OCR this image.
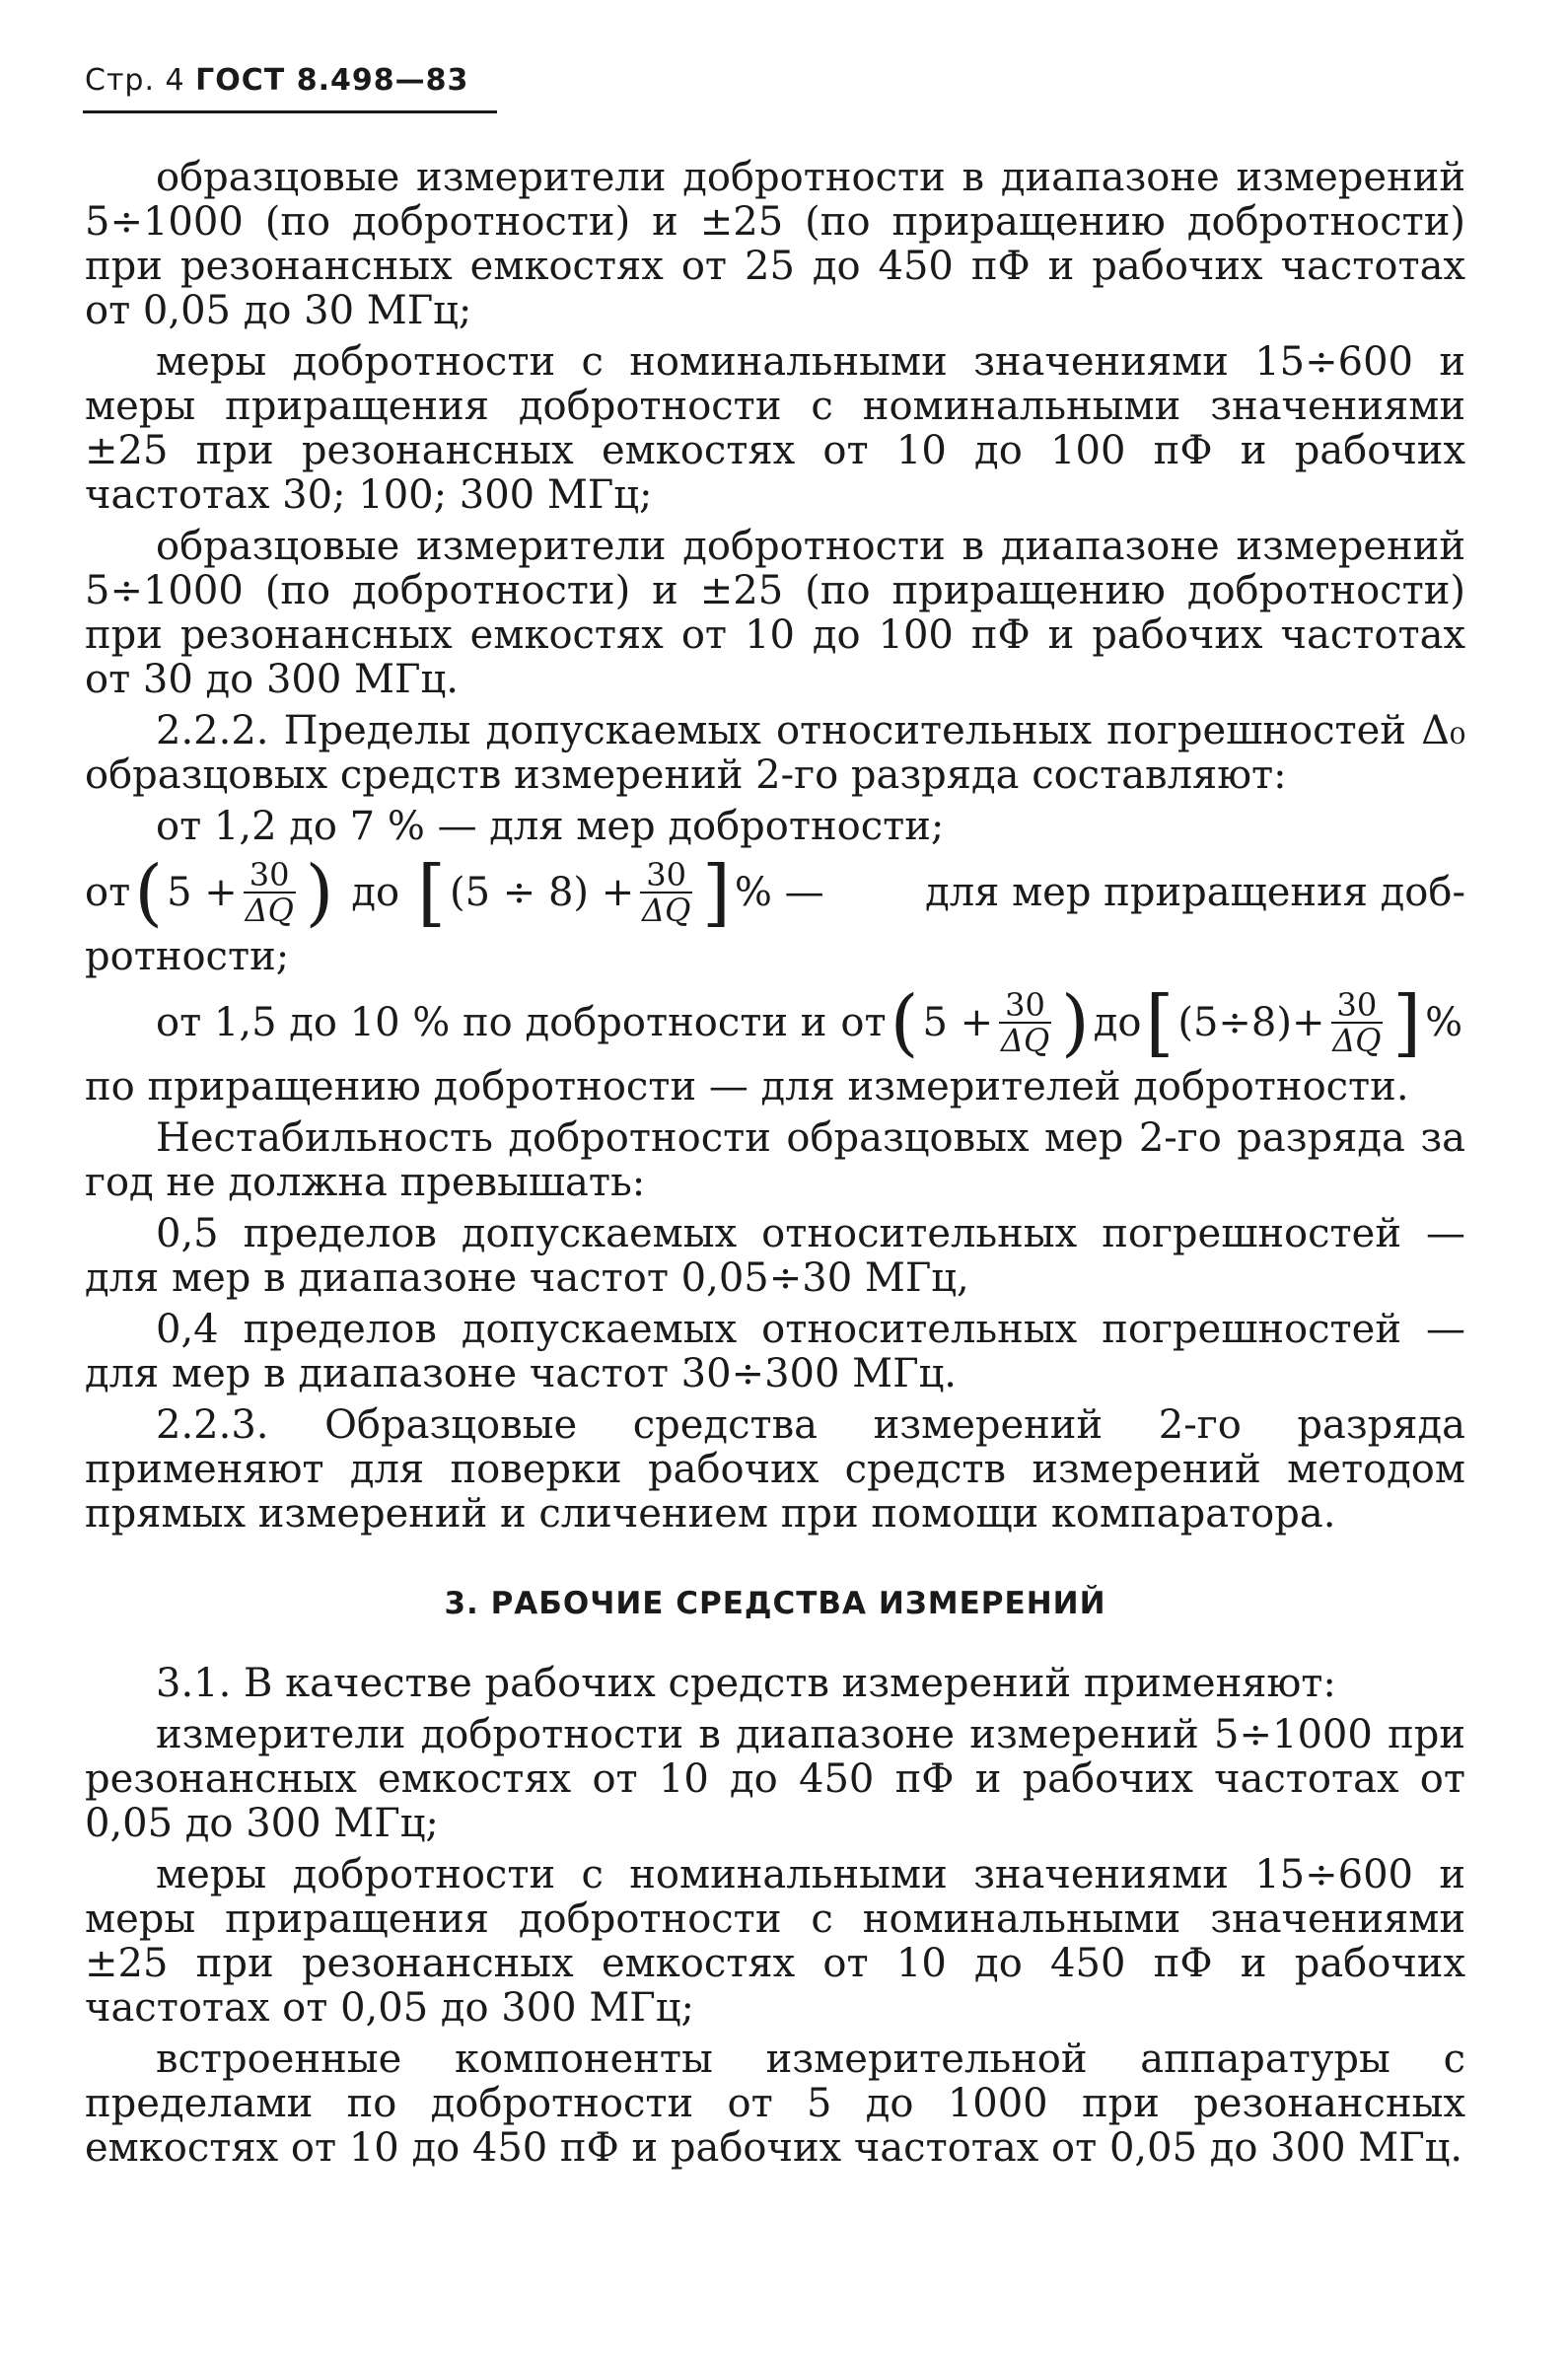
Стр. 4 ГОСТ 8.498—83

образцовые измерители добротности в диапазоне измерений 5÷1000 (по добротности) и ±25 (по приращению добротности) при резонансных емкостях от 25 до 450 пФ и рабочих частотах от 0,05 до 30 МГц;

меры добротности с номинальными значениями 15÷600 и меры приращения добротности с номинальными значениями ±25 при резонансных емкостях от 10 до 100 пФ и рабочих частотах 30; 100; 300 МГц;

образцовые измерители добротности в диапазоне измерений 5÷1000 (по добротности) и ±25 (по приращению добротности) при резонансных емкостях от 10 до 100 пФ и рабочих частотах от 30 до 300 МГц.

2.2.2. Пределы допускаемых относительных погрешностей Δ₀ образцовых средств измерений 2-го разряда составляют:

от 1,2 до 7 % — для мер добротности;

от ( $5 + \frac{30}{\Delta Q}$ ) до [ $(5 \div 8) + \frac{30}{\Delta Q}$ ] % —	для мер приращения доб-

ротности;

от 1,5 до 10 % по добротности и от ( $5 + \frac{30}{\Delta Q}$ ) до [ $(5\div 8)+ \frac{30}{\Delta Q}$ ] %

по приращению добротности — для измерителей добротности.

Нестабильность добротности образцовых мер 2-го разряда за год не должна превышать:

0,5 пределов допускаемых относительных погрешностей — для мер в диапазоне частот 0,05÷30 МГц,

0,4 пределов допускаемых относительных погрешностей — для мер в диапазоне частот 30÷300 МГц.

2.2.3. Образцовые средства измерений 2-го разряда применяют для поверки рабочих средств измерений методом прямых измерений и сличением при помощи компаратора.

3. РАБОЧИЕ СРЕДСТВА ИЗМЕРЕНИЙ

3.1. В качестве рабочих средств измерений применяют:

измерители добротности в диапазоне измерений 5÷1000 при резонансных емкостях от 10 до 450 пФ и рабочих частотах от 0,05 до 300 МГц;

меры добротности с номинальными значениями 15÷600 и меры приращения добротности с номинальными значениями ±25 при резонансных емкостях от 10 до 450 пФ и рабочих частотах от 0,05 до 300 МГц;

встроенные компоненты измерительной аппаратуры с пределами по добротности от 5 до 1000 при резонансных емкостях от 10 до 450 пФ и рабочих частотах от 0,05 до 300 МГц.
